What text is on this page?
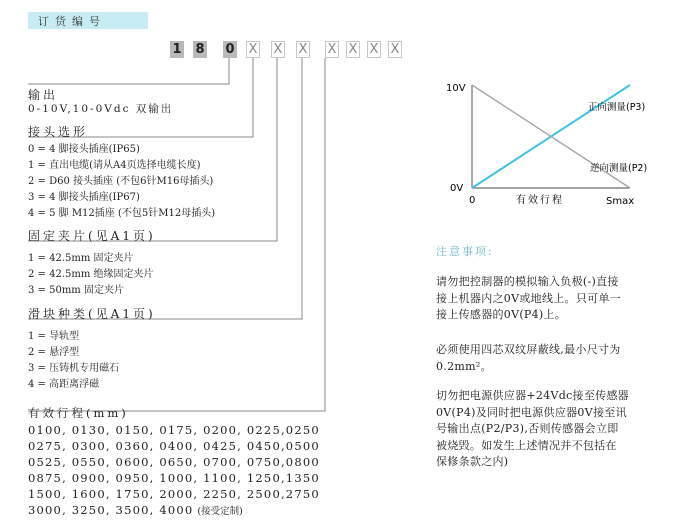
订货编号
1 8 0 X X X X X X X
输出
0-10V,10-0Vdc 双输出
接头选形
0 = 4 脚接头插座(IP65)
1 = 直出电缆(请从A4页选择电缆长度)
2 = D60 接头插座 (不包6针M16母插头)
3 = 4 脚接头插座(IP67)
4 = 5 脚 M12插座 (不包5针M12母插头)
固定夹片(见A1页)
1 = 42.5mm 固定夹片
2 = 42.5mm 绝缘固定夹片
3 = 50mm 固定夹片
滑块种类(见A1页)
1 = 导轨型
2 = 悬浮型
3 = 压铸机专用磁石
4 = 高距离浮磁
有效行程(mm)
0100, 0130, 0150, 0175, 0200, 0225,0250
0275, 0300, 0360, 0400, 0425, 0450,0500
0525, 0550, 0600, 0650, 0700, 0750,0800
0875, 0900, 0950, 1000, 1100, 1250,1350
1500, 1600, 1750, 2000, 2250, 2500,2750
3000, 3250, 3500, 4000 (接受定制)
10V
0V
0	有效行程	Smax
正向测量(P3)
逆向测量(P2)
注意事项:
请勿把控制器的模拟输入负极(-)直接
接上机器内之0V或地线上。只可单一
接上传感器的0V(P4)上。
必须使用四芯双纹屏蔽线,最小尺寸为
0.2mm²。
切勿把电源供应器+24Vdc接至传感器
0V(P4)及同时把电源供应器0V接至讯
号输出点(P2/P3),否则传感器会立即
被烧毁。如发生上述情况并不包括在
保修条款之内)
